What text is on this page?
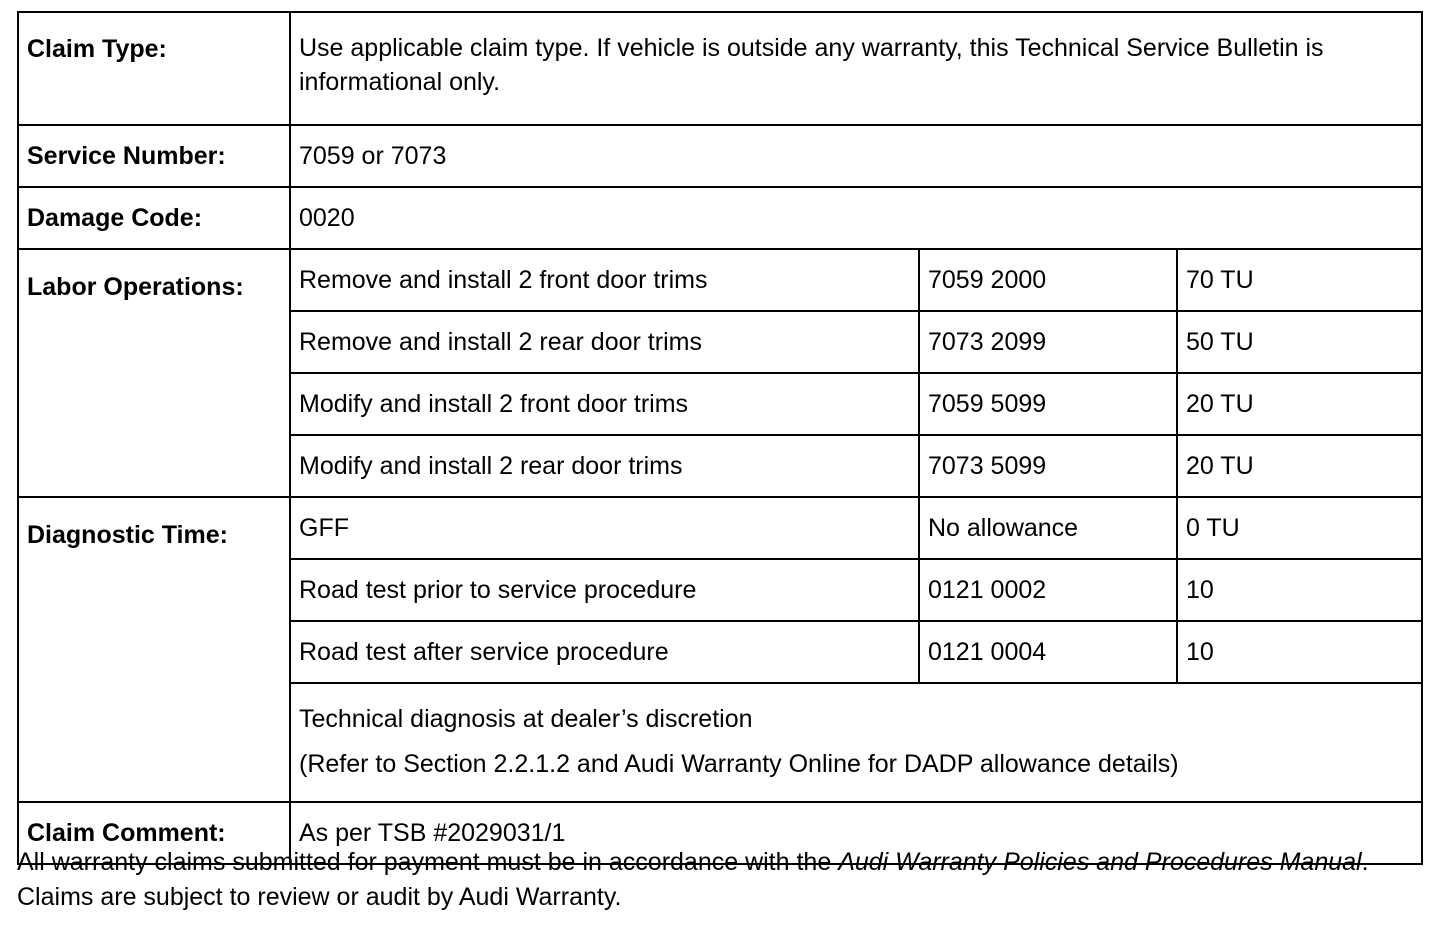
Claim Type:	Use applicable claim type. If vehicle is outside any warranty, this Technical Service Bulletin is informational only.		
Service Number:	7059 or 7073		
Damage Code:	0020		
Labor Operations:	Remove and install 2 front door trims	7059 2000	70 TU
	Remove and install 2 rear door trims	7073 2099	50 TU
	Modify and install 2 front door trims	7059 5099	20 TU
	Modify and install 2 rear door trims	7073 5099	20 TU
Diagnostic Time:	GFF	No allowance	0 TU
	Road test prior to service procedure	0121 0002	10
	Road test after service procedure	0121 0004	10

	Technical diagnosis at dealer’s discretion
(Refer to Section 2.2.1.2 and Audi Warranty Online for DADP allowance details)		

Claim Comment:	As per TSB #2029031/1		
All warranty claims submitted for payment must be in accordance with the Audi Warranty Policies and Procedures Manual. Claims are subject to review or audit by Audi Warranty.
